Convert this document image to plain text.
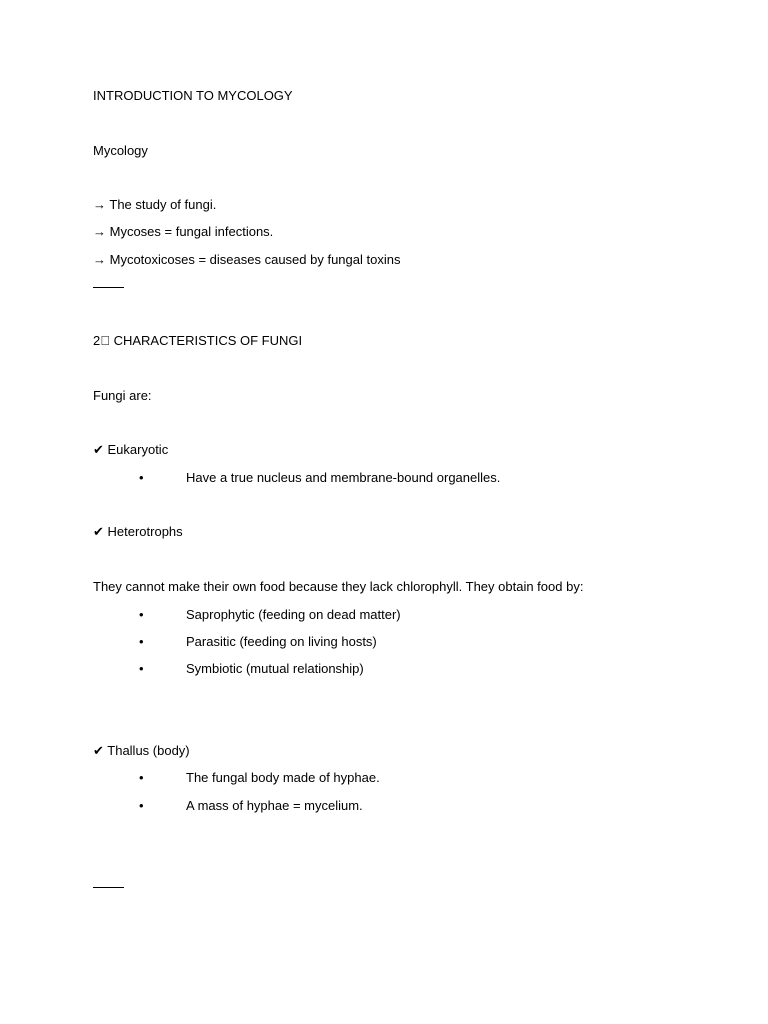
INTRODUCTION TO MYCOLOGY
Mycology
→ The study of fungi.
→ Mycoses = fungal infections.
→ Mycotoxicoses = diseases caused by fungal toxins
2⃣ CHARACTERISTICS OF FUNGI
Fungi are:
✔ Eukaryotic
•	Have a true nucleus and membrane-bound organelles.
✔ Heterotrophs
They cannot make their own food because they lack chlorophyll. They obtain food by:
•	Saprophytic (feeding on dead matter)
•	Parasitic (feeding on living hosts)
•	Symbiotic (mutual relationship)
✔ Thallus (body)
•	The fungal body made of hyphae.
•	A mass of hyphae = mycelium.
